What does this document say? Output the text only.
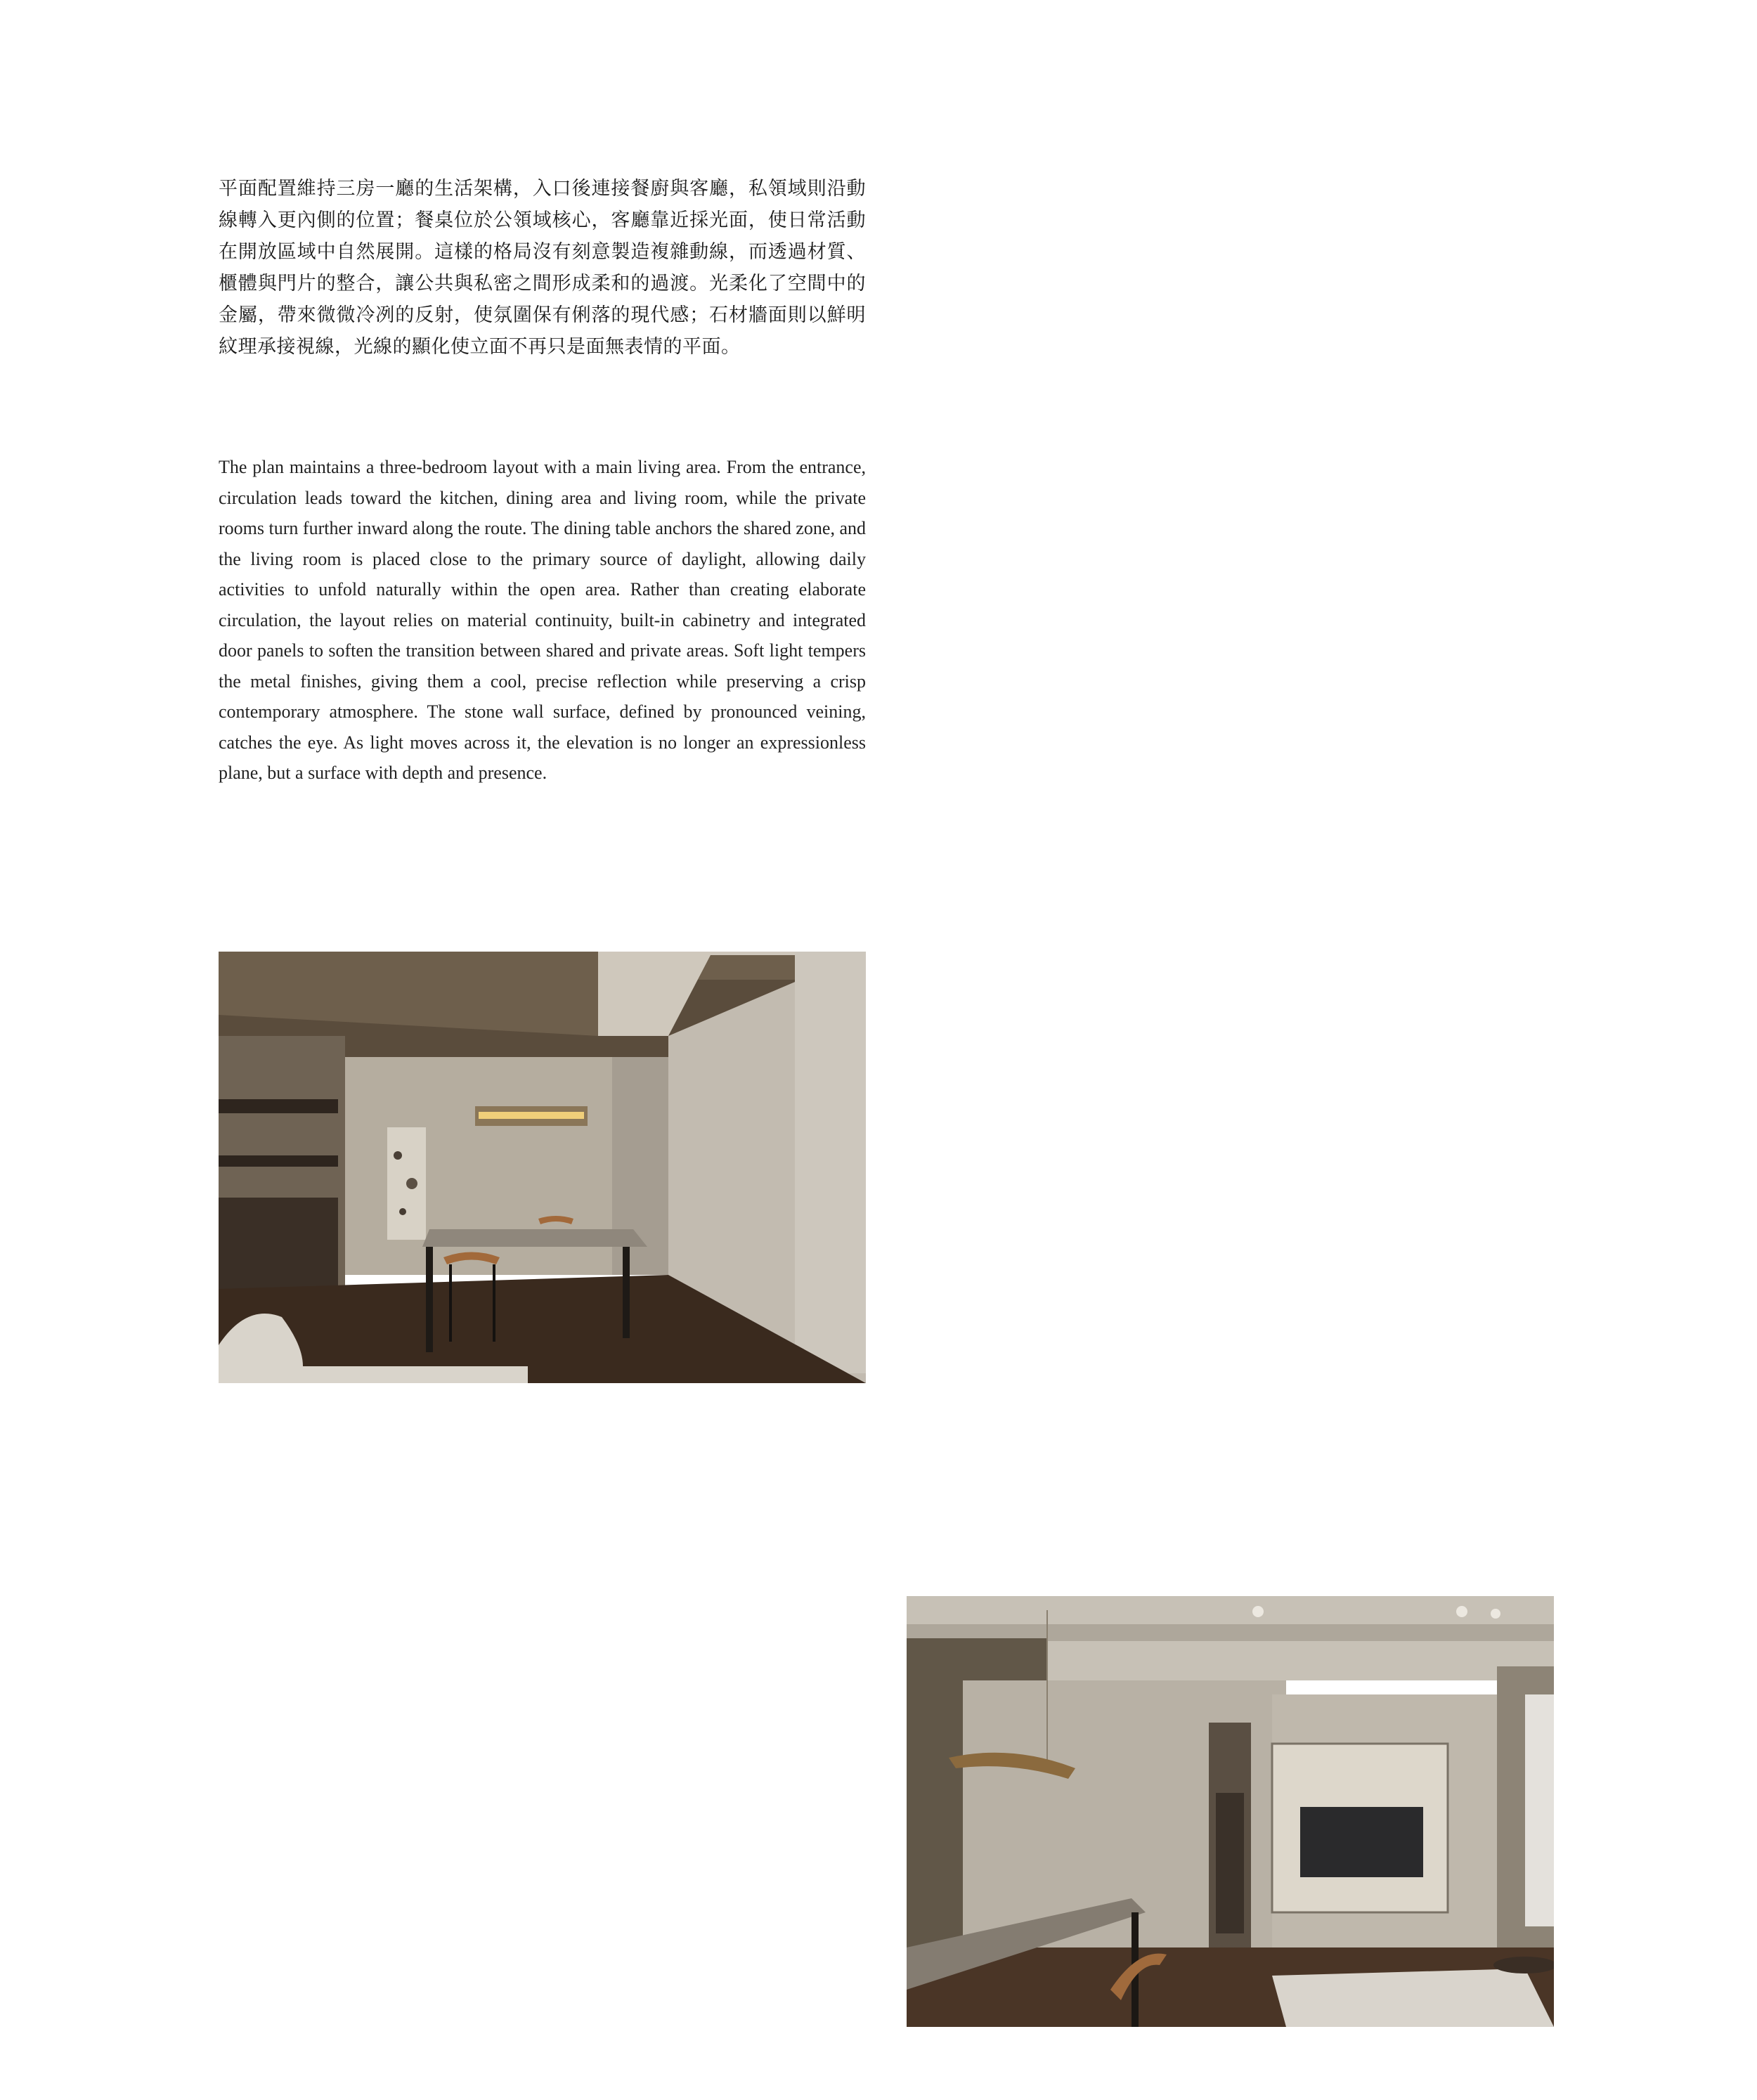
平面配置維持三房一廳的生活架構，入口後連接餐廚與客廳，私領域則沿動線轉入更內側的位置；餐桌位於公領域核心，客廳靠近採光面，使日常活動在開放區域中自然展開。這樣的格局沒有刻意製造複雜動線，而透過材質、櫃體與門片的整合，讓公共與私密之間形成柔和的過渡。光柔化了空間中的金屬，帶來微微冷冽的反射，使氛圍保有俐落的現代感；石材牆面則以鮮明紋理承接視線，光線的顯化使立面不再只是面無表情的平面。

The plan maintains a three-bedroom layout with a main living area. From the entrance, circulation leads toward the kitchen, dining area and living room, while the private rooms turn further inward along the route. The dining table anchors the shared zone, and the living room is placed close to the primary source of daylight, allowing daily activities to unfold naturally within the open area. Rather than creating elaborate circulation, the layout relies on material continuity, built-in cabinetry and integrated door panels to soften the transition between shared and private areas. Soft light tempers the metal finishes, giving them a cool, precise reflection while preserving a crisp contemporary atmosphere. The stone wall surface, defined by pronounced veining, catches the eye. As light moves across it, the elevation is no longer an expressionless plane, but a surface with depth and presence.
